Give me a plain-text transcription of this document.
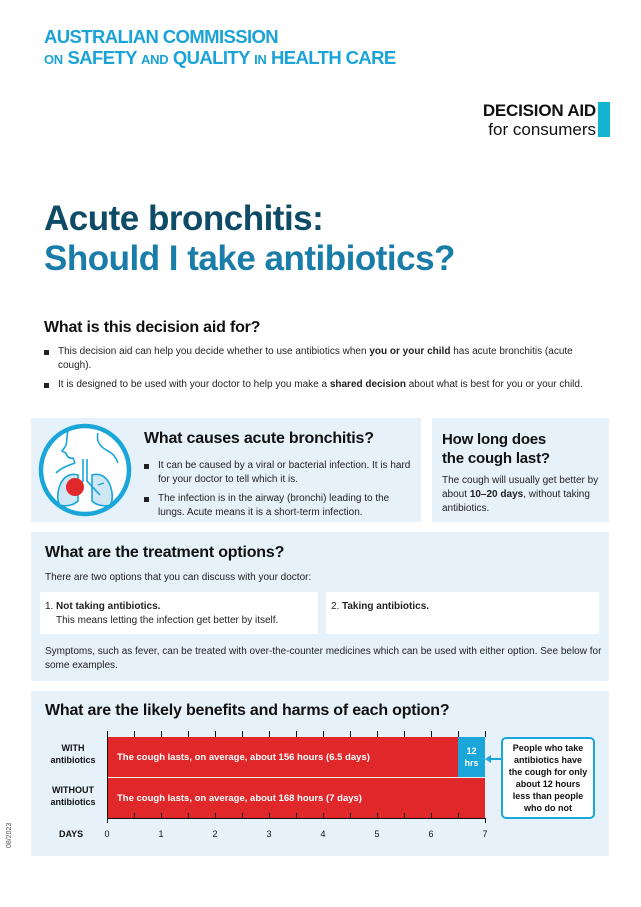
AUSTRALIAN COMMISSION
ON SAFETY AND QUALITY IN HEALTH CARE
DECISION AID
for consumers
Acute bronchitis:
Should I take antibiotics?
What is this decision aid for?
This decision aid can help you decide whether to use antibiotics when you or your child has acute bronchitis (acute cough).
It is designed to be used with your doctor to help you make a shared decision about what is best for you or your child.
What causes acute bronchitis?
It can be caused by a viral or bacterial infection. It is hard for your doctor to tell which it is.
The infection is in the airway (bronchi) leading to the lungs. Acute means it is a short-term infection.
How long does
the cough last?

The cough will usually get better by about 10–20 days, without taking antibiotics.

What are the treatment options?

There are two options that you can discuss with your doctor:

1. Not taking antibiotics.
This means letting the infection get better by itself.
2. Taking antibiotics.

Symptoms, such as fever, can be treated with over-the-counter medicines which can be used with either option. See below for some examples.

What are the likely benefits and harms of each option?
WITH
antibiotics
WITHOUT
antibiotics
The cough lasts, on average, about 156 hours (6.5 days)
12
hrs
The cough lasts, on average, about 168 hours (7 days)
DAYS	0	1	2	3	4	5	6	7
People who take antibiotics have the cough for only about 12 hours less than people who do not
08/2023
